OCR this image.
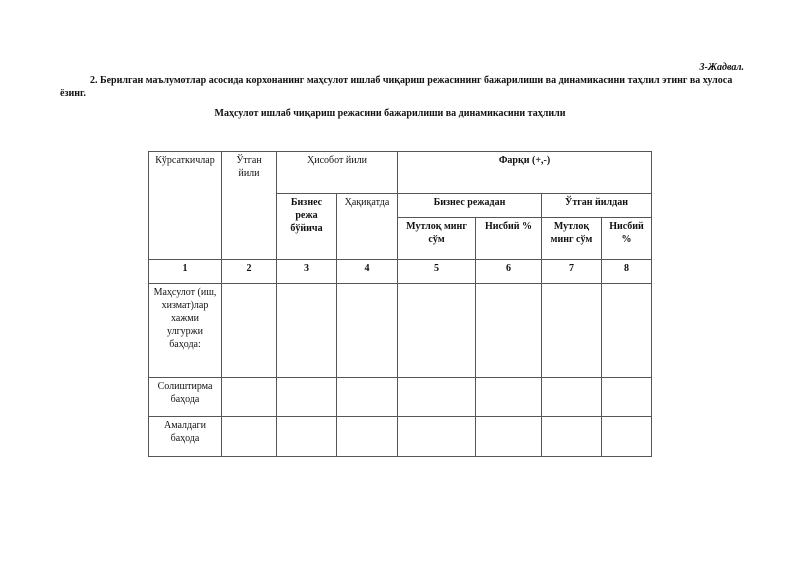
3-Жадвал.
2. Берилган маълумотлар асосида корхонанинг маҳсулот ишлаб чиқариш режасининг бажарилиши ва динамикасини таҳлил этинг ва хулоса ёзинг.
Маҳсулот ишлаб чиқариш режасини бажарилиши ва динамикасини таҳлили
Кўрсаткичлар	Ўтган йили	Ҳисобот йили		Фарқи (+,-)			
		Бизнес режа бўйича	Ҳақиқатда	Бизнес режадан		Ўтган йилдан	
				Мутлоқ минг сўм	Нисбий %	Мутлоқ минг сўм	Нисбий %
1	2	3	4	5	6	7	8
Маҳсулот (иш, хизмат)лар хажми улгуржи баҳода:							
Солиштирма баҳода							
Амалдаги баҳода							
